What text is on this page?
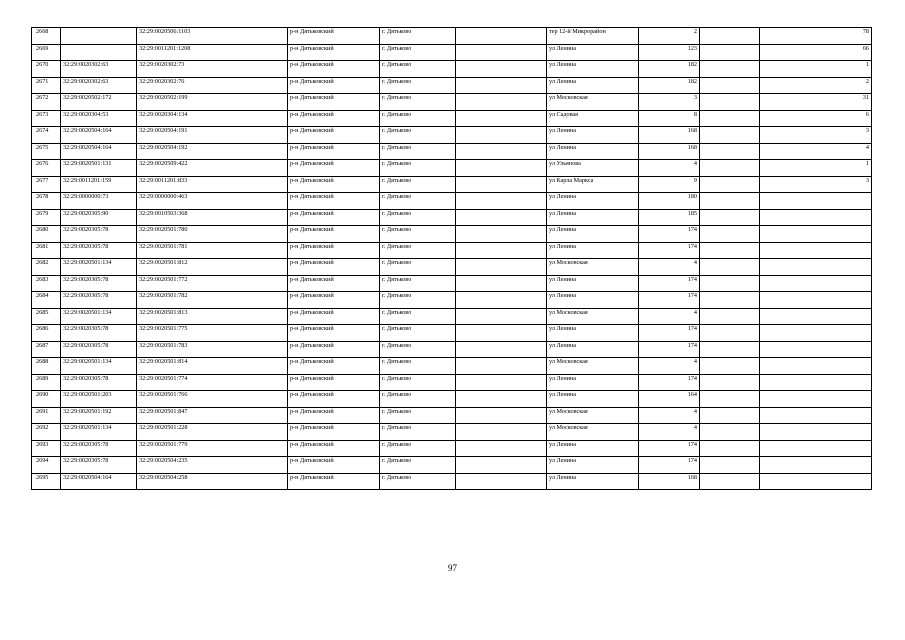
2668		32:29:0020506:1103	р-н Дятьковский	г. Дятьково		тер 12-й Микрорайон	2		78
2669		32:29:0011201:1208	р-н Дятьковский	г. Дятьково		ул Ленина	123		66
2670	32:29:0020302:63	32:29:0020302:73	р-н Дятьковский	г. Дятьково		ул Ленина	182		1
2671	32:29:0020302:63	32:29:0020302:76	р-н Дятьковский	г. Дятьково		ул Ленина	182		2
2672	32:29:0020502:172	32:29:0020502:199	р-н Дятьковский	г. Дятьково		ул Московская	3		31
2673	32:29:0020304:53	32:29:0020304:134	р-н Дятьковский	г. Дятьково		ул Садовая	8		6
2674	32:29:0020504:164	32:29:0020504:191	р-н Дятьковский	г. Дятьково		ул Ленина	168		3
2675	32:29:0020504:164	32:29:0020504:192	р-н Дятьковский	г. Дятьково		ул Ленина	168		4
2676	32:29:0020501:131	32:29:0020509:422	р-н Дятьковский	г. Дятьково		ул Ульянова	4		1
2677	32:29:0011201:159	32:29:0011201:833	р-н Дятьковский	г. Дятьково		ул Карла Маркса	9		3
2678	32:29:0000000:73	32:29:0000000:463	р-н Дятьковский	г. Дятьково		ул Ленина	180		
2679	32:29:0020305:90	32:29:0010503:368	р-н Дятьковский	г. Дятьково		ул Ленина	185		
2680	32:29:0020305:78	32:29:0020501:780	р-н Дятьковский	г. Дятьково		ул Ленина	174		
2681	32:29:0020305:78	32:29:0020501:781	р-н Дятьковский	г. Дятьково		ул Ленина	174		
2682	32:29:0020501:134	32:29:0020501:812	р-н Дятьковский	г. Дятьково		ул Московская	4		
2683	32:29:0020305:78	32:29:0020501:772	р-н Дятьковский	г. Дятьково		ул Ленина	174		
2684	32:29:0020305:78	32:29:0020501:782	р-н Дятьковский	г. Дятьково		ул Ленина	174		
2685	32:29:0020501:134	32:29:0020501:813	р-н Дятьковский	г. Дятьково		ул Московская	4		
2686	32:29:0020305:78	32:29:0020501:775	р-н Дятьковский	г. Дятьково		ул Ленина	174		
2687	32:29:0020305:78	32:29:0020501:783	р-н Дятьковский	г. Дятьково		ул Ленина	174		
2688	32:29:0020501:134	32:29:0020501:814	р-н Дятьковский	г. Дятьково		ул Московская	4		
2689	32:29:0020305:78	32:29:0020501:774	р-н Дятьковский	г. Дятьково		ул Ленина	174		
2690	32:29:0020501:203	32:29:0020501:766	р-н Дятьковский	г. Дятьково		ул Ленина	164		
2691	32:29:0020501:192	32:29:0020501:847	р-н Дятьковский	г. Дятьково		ул Московская	4		
2692	32:29:0020501:134	32:29:0020501:228	р-н Дятьковский	г. Дятьково		ул Московская	4		
2693	32:29:0020305:78	32:29:0020501:779	р-н Дятьковский	г. Дятьково		ул Ленина	174		
2694	32:29:0020305:78	32:29:0020504:235	р-н Дятьковский	г. Дятьково		ул Ленина	174		
2695	32:29:0020504:164	32:29:0020504:258	р-н Дятьковский	г. Дятьково		ул Ленина	168		
97
